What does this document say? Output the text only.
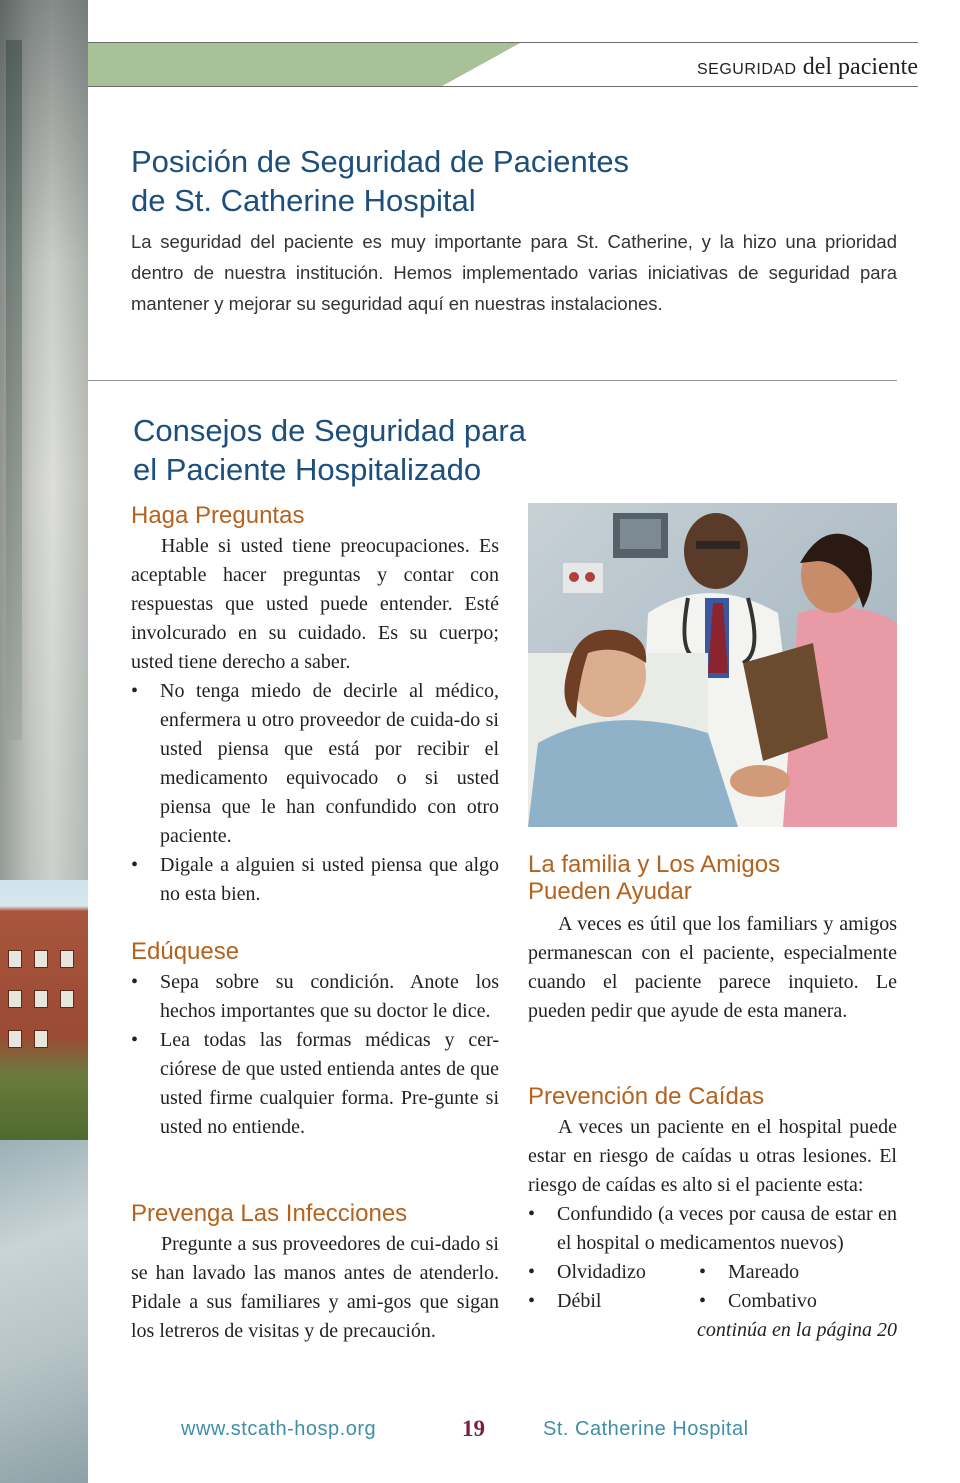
SEGURIDAD del paciente
Posición de Seguridad de Pacientes
de St. Catherine Hospital
La seguridad del paciente es muy importante para St. Catherine, y la hizo una prioridad dentro de nuestra institución. Hemos implementado varias iniciativas de seguridad para mantener y mejorar su seguridad aquí en nuestras instalaciones.
Consejos de Seguridad para
el Paciente Hospitalizado
Haga Preguntas

Hable si usted tiene preocupaciones. Es aceptable hacer preguntas y contar con respuestas que usted puede entender. Esté involcurado en su cuidado. Es su cuerpo; usted tiene derecho a saber.

• No tenga miedo de decirle al médico, enfermera u otro proveedor de cuida-do si usted piensa que está por recibir el medicamento equivocado o si usted piensa que le han confundido con otro paciente.
• Digale a alguien si usted piensa que algo no esta bien.
Edúquese
• Sepa sobre su condición. Anote los hechos importantes que su doctor le dice.
• Lea todas las formas médicas y cer-ciórese de que usted entienda antes de que usted firme cualquier forma. Pre-gunte si usted no entiende.
Prevenga Las Infecciones

Pregunte a sus proveedores de cui-dado si se han lavado las manos antes de atenderlo. Pidale a sus familiares y ami-gos que sigan los letreros de visitas y de precaución.

La familia y Los Amigos
Pueden Ayudar

A veces es útil que los familiars y amigos permanescan con el paciente, especialmente cuando el paciente parece inquieto. Le pueden pedir que ayude de esta manera.

Prevención de Caídas

A veces un paciente en el hospital puede estar en riesgo de caídas u otras lesiones. El riesgo de caídas es alto si el paciente esta:

• Confundido (a veces por causa de estar en el hospital o medicamentos nuevos)
• Olvidadizo	• Mareado
• Débil	• Combativo
continúa en la página 20
www.stcath-hosp.org	19	St. Catherine Hospital
